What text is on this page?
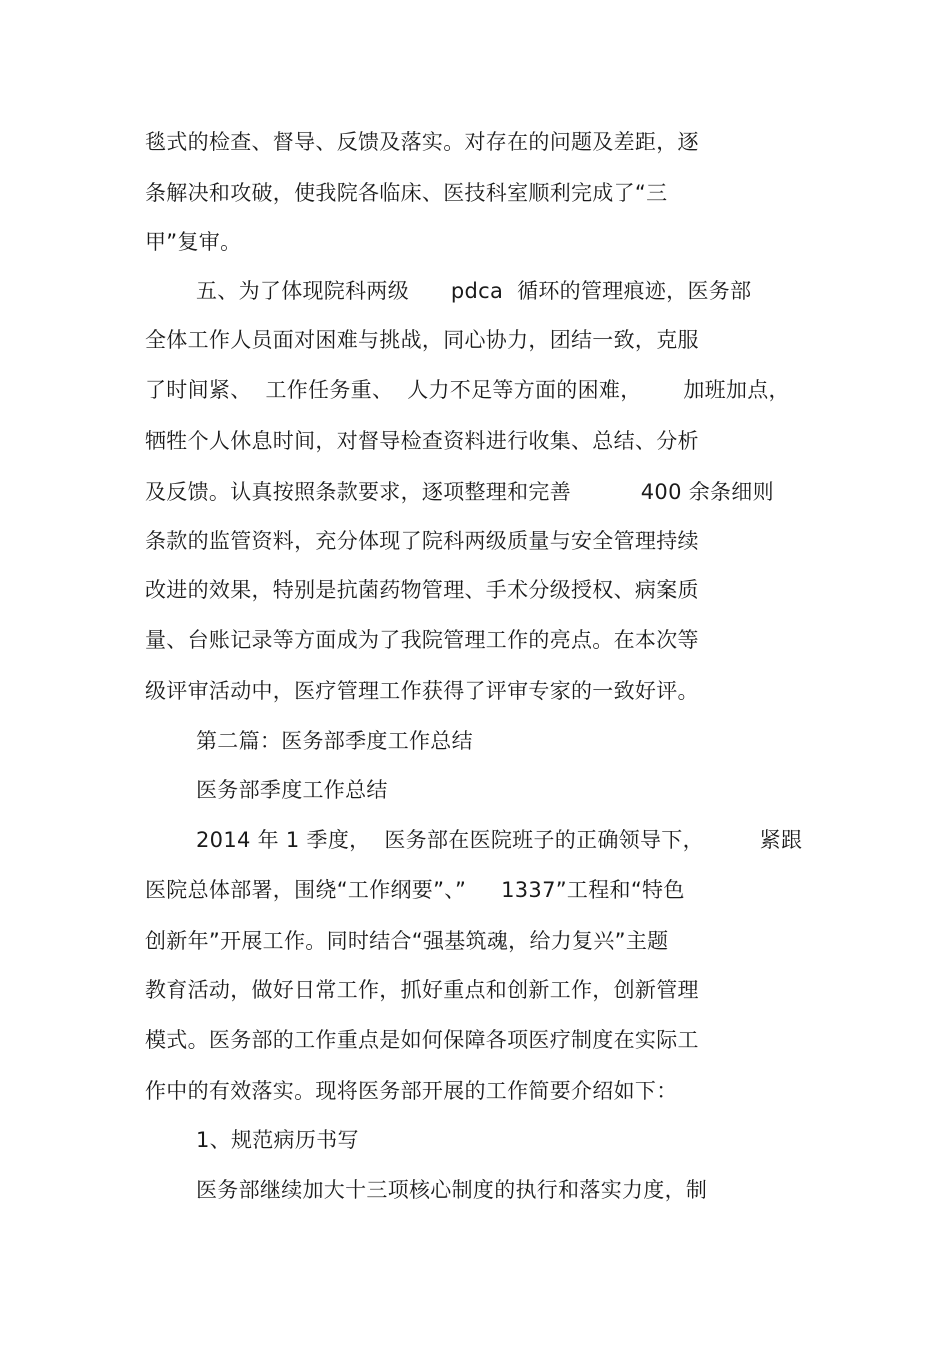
毯式的检查、督导、反馈及落实。对存在的问题及差距，逐
条解决和攻破，使我院各临床、医技科室顺利完成了“三
甲”复审。
五、为了体现院科两级      pdca  循环的管理痕迹，医务部
全体工作人员面对困难与挑战，同心协力，团结一致，克服
了时间紧、  工作任务重、  人力不足等方面的困难，      加班加点，
牺牲个人休息时间，对督导检查资料进行收集、总结、分析
及反馈。认真按照条款要求，逐项整理和完善          400 余条细则
条款的监管资料，充分体现了院科两级质量与安全管理持续
改进的效果，特别是抗菌药物管理、手术分级授权、病案质
量、台账记录等方面成为了我院管理工作的亮点。在本次等
级评审活动中，医疗管理工作获得了评审专家的一致好评。
第二篇：医务部季度工作总结
医务部季度工作总结
2014 年 1 季度，  医务部在医院班子的正确领导下，        紧跟
医院总体部署，围绕“工作纲要”、”     1337”工程和“特色
创新年”开展工作。同时结合“强基筑魂，给力复兴”主题
教育活动，做好日常工作，抓好重点和创新工作，创新管理
模式。医务部的工作重点是如何保障各项医疗制度在实际工
作中的有效落实。现将医务部开展的工作简要介绍如下：
1、规范病历书写
医务部继续加大十三项核心制度的执行和落实力度，制
